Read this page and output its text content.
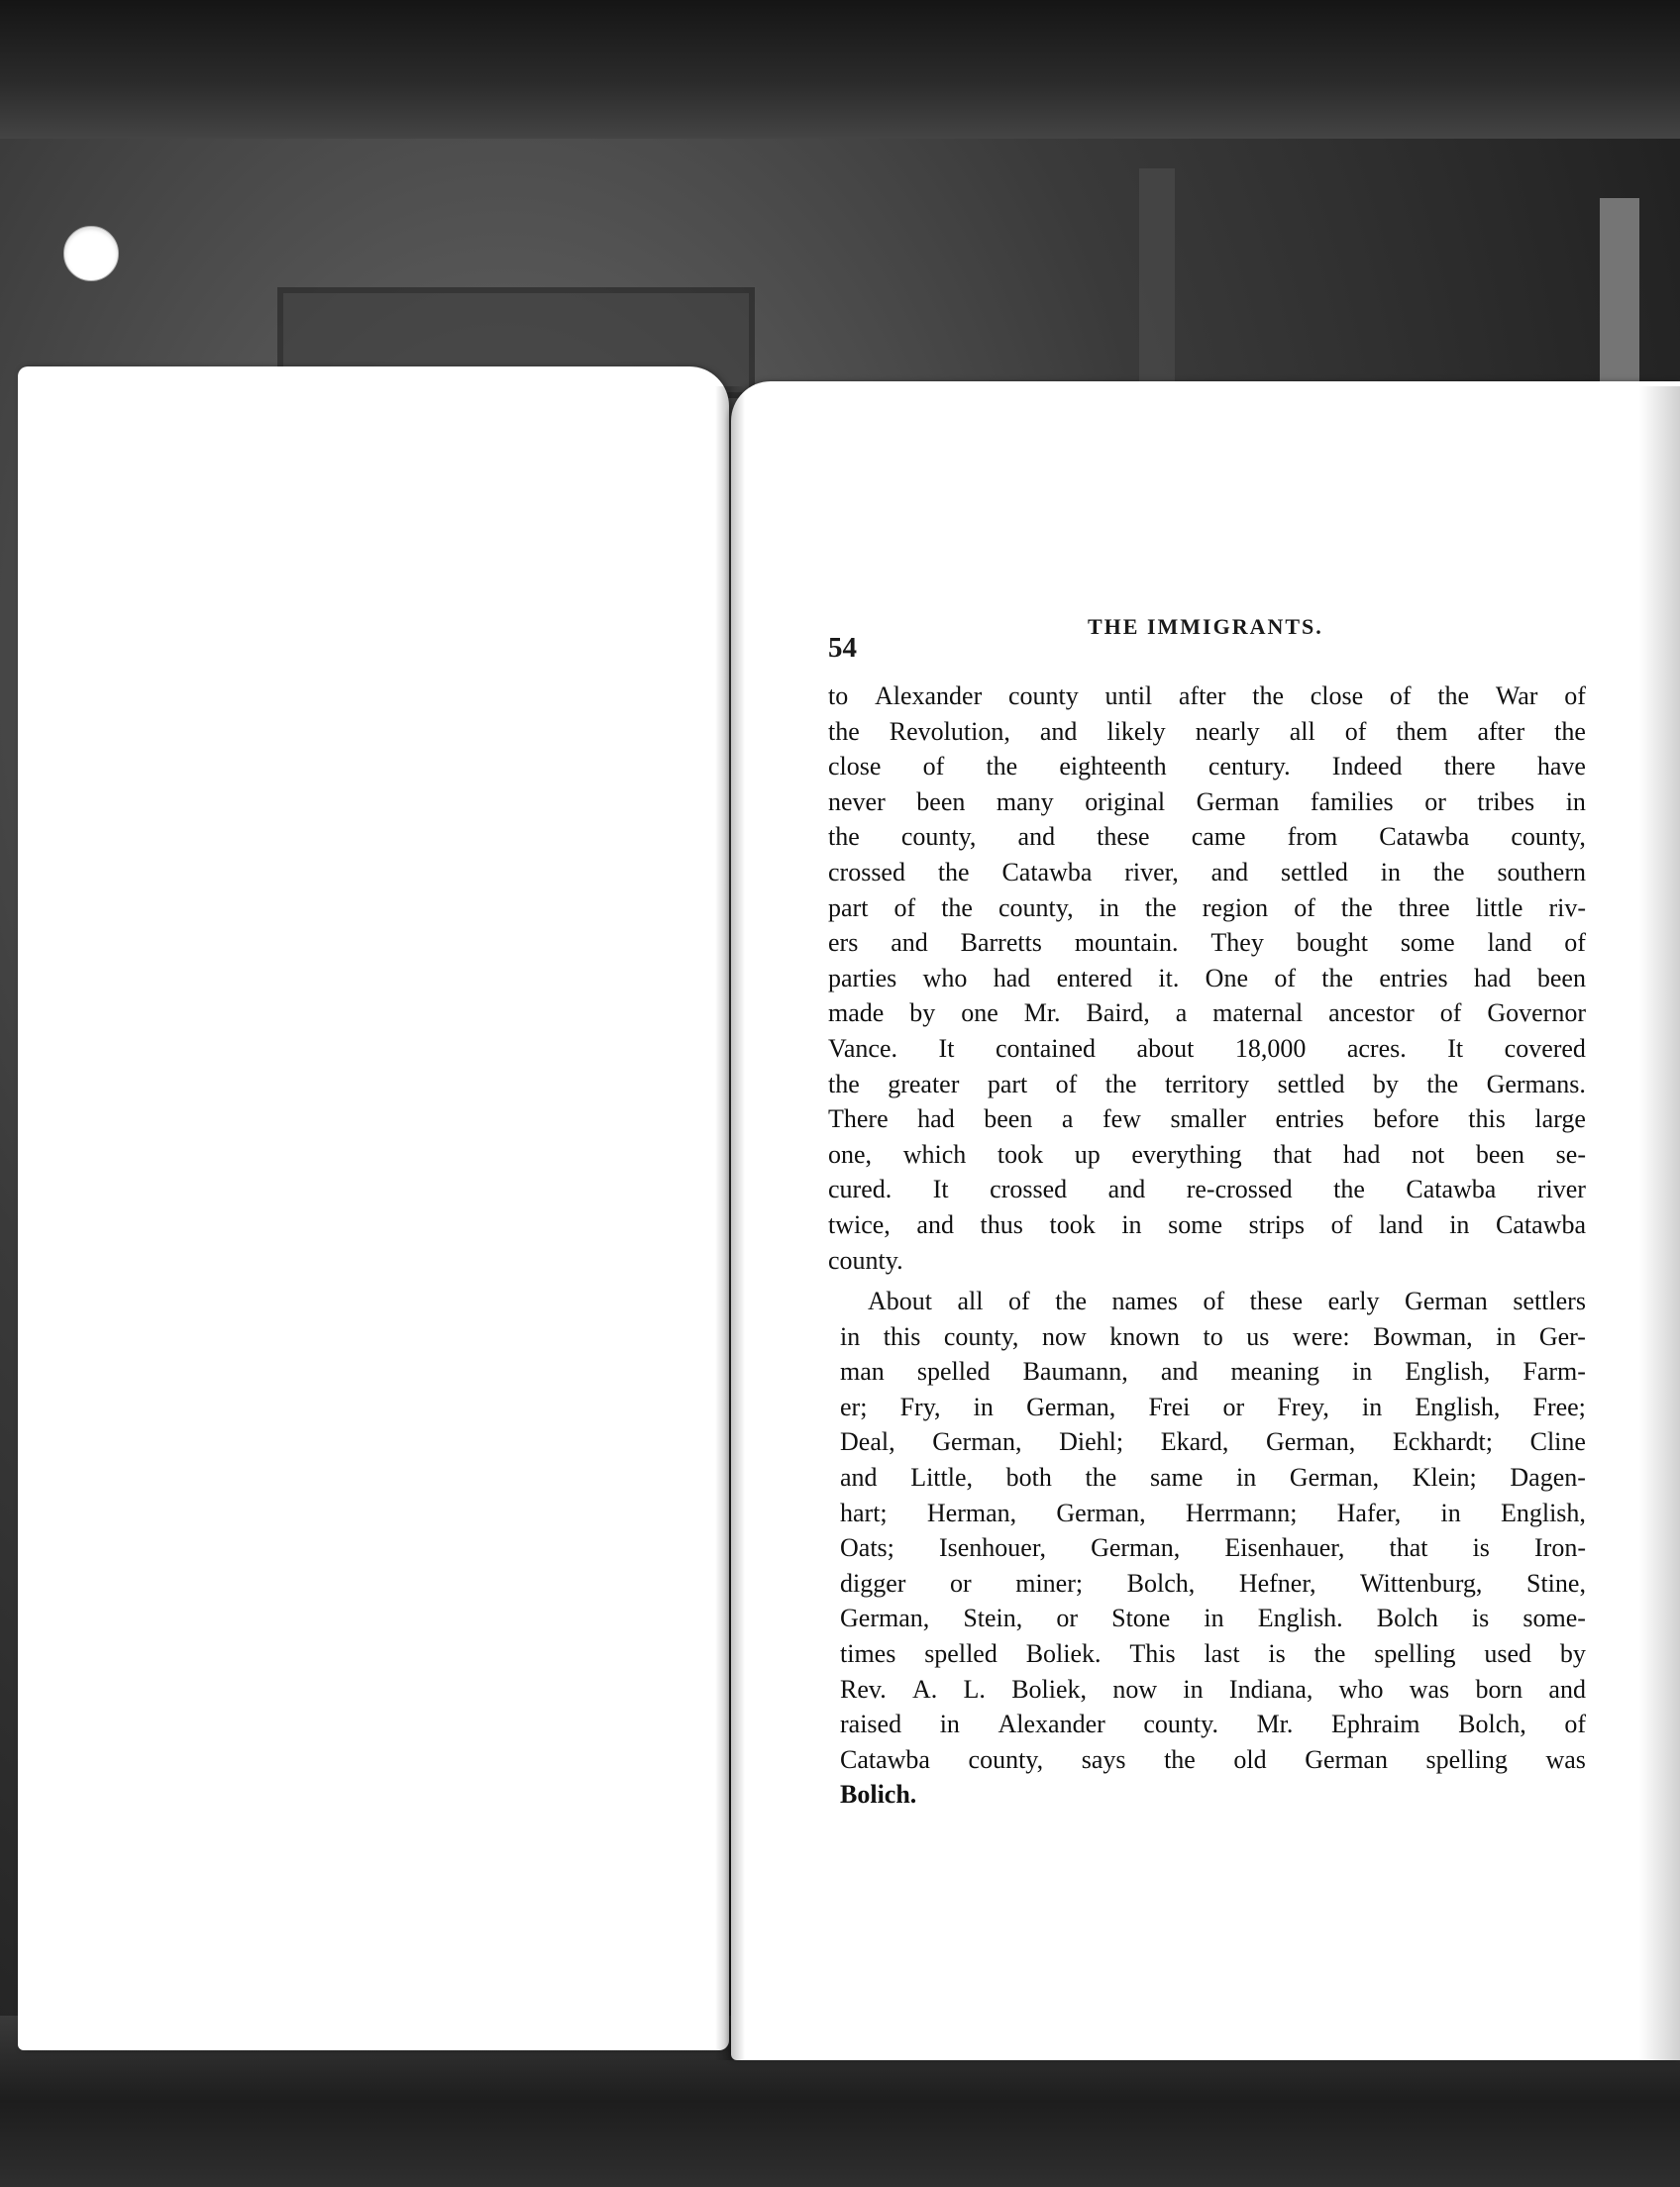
54
THE IMMIGRANTS.
to Alexander county until after the close of the War of
the Revolution, and likely nearly all of them after the
close of the eighteenth century. Indeed there have
never been many original German families or tribes in
the county, and these came from Catawba county,
crossed the Catawba river, and settled in the southern
part of the county, in the region of the three little riv-
ers and Barretts mountain. They bought some land of
parties who had entered it. One of the entries had been
made by one Mr. Baird, a maternal ancestor of Governor
Vance. It contained about 18,000 acres. It covered
the greater part of the territory settled by the Germans.
There had been a few smaller entries before this large
one, which took up everything that had not been se-
cured. It crossed and re-crossed the Catawba river
twice, and thus took in some strips of land in Catawba
county.
About all of the names of these early German settlers
in this county, now known to us were: Bowman, in Ger-
man spelled Baumann, and meaning in English, Farm-
er; Fry, in German, Frei or Frey, in English, Free;
Deal, German, Diehl; Ekard, German, Eckhardt; Cline
and Little, both the same in German, Klein; Dagen-
hart; Herman, German, Herrmann; Hafer, in English,
Oats; Isenhouer, German, Eisenhauer, that is Iron-
digger or miner; Bolch, Hefner, Wittenburg, Stine,
German, Stein, or Stone in English. Bolch is some-
times spelled Boliek. This last is the spelling used by
Rev. A. L. Boliek, now in Indiana, who was born and
raised in Alexander county. Mr. Ephraim Bolch, of
Catawba county, says the old German spelling was
Bolich.
